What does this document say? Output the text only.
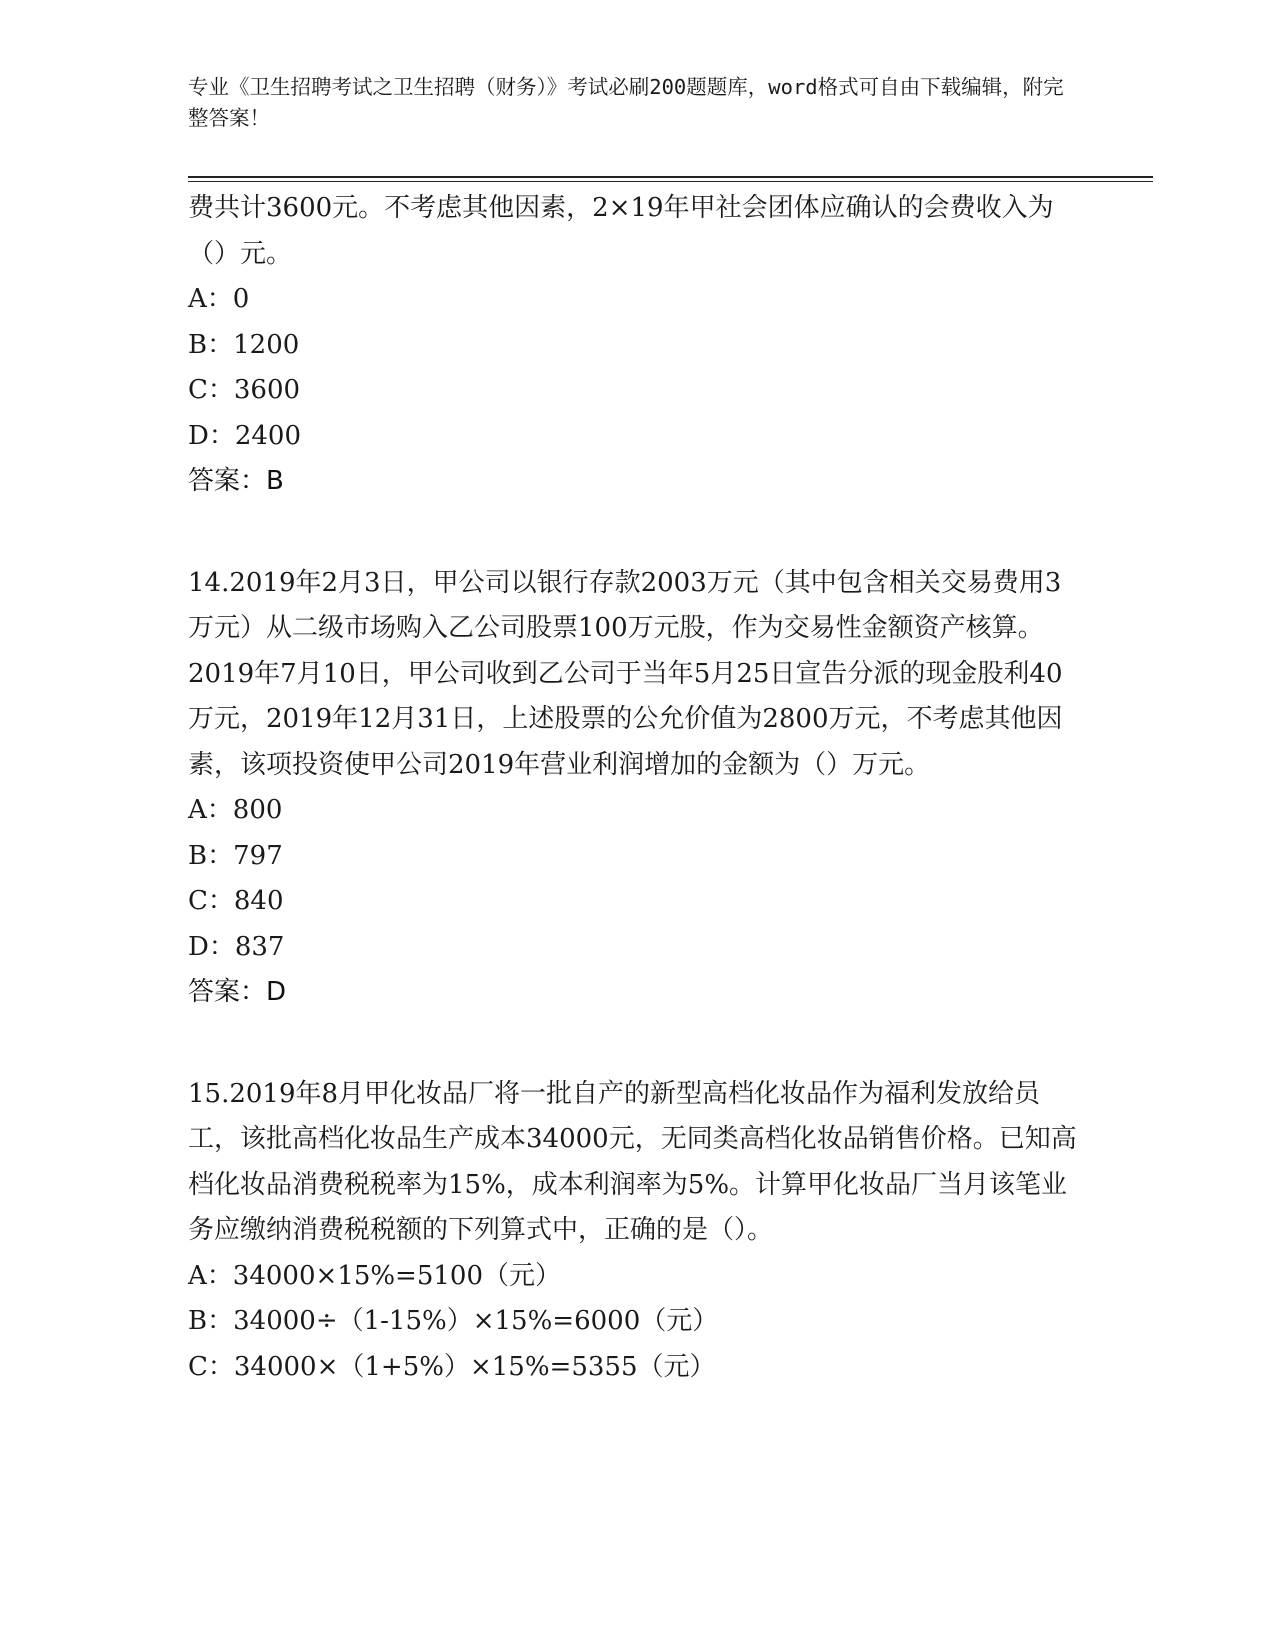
专业《卫生招聘考试之卫生招聘（财务）》考试必刷200题题库，word格式可自由下载编辑，附完整答案！

费共计3600元。不考虑其他因素，2×19年甲社会团体应确认的会费收入为（）元。

A：0

B：1200

C：3600

D：2400

答案：B

14.2019年2月3日，甲公司以银行存款2003万元（其中包含相关交易费用3万元）从二级市场购入乙公司股票100万元股，作为交易性金额资产核算。2019年7月10日，甲公司收到乙公司于当年5月25日宣告分派的现金股利40万元，2019年12月31日，上述股票的公允价值为2800万元，不考虑其他因素，该项投资使甲公司2019年营业利润增加的金额为（）万元。

A：800

B：797

C：840

D：837

答案：D

15.2019年8月甲化妆品厂将一批自产的新型高档化妆品作为福利发放给员工，该批高档化妆品生产成本34000元，无同类高档化妆品销售价格。已知高档化妆品消费税税率为15%，成本利润率为5%。计算甲化妆品厂当月该笔业务应缴纳消费税税额的下列算式中，正确的是（）。

A：34000×15%=5100（元）

B：34000÷（1-15%）×15%=6000（元）

C：34000×（1+5%）×15%=5355（元）
